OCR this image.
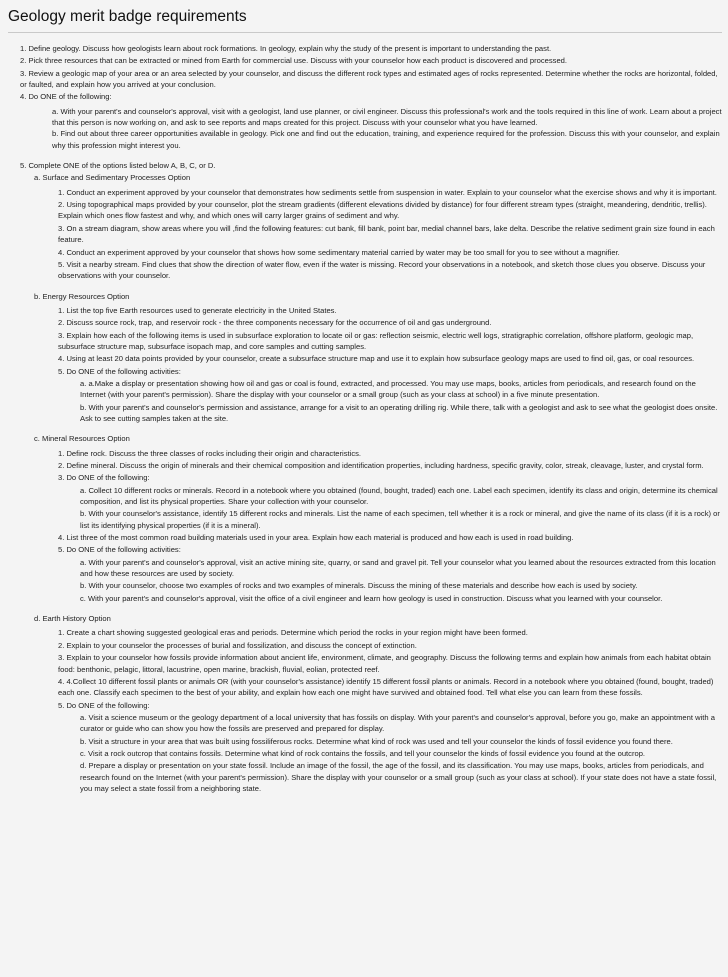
Geology merit badge requirements
1. Define geology. Discuss how geologists learn about rock formations. In geology, explain why the study of the present is important to understanding the past.
2. Pick three resources that can be extracted or mined from Earth for commercial use. Discuss with your counselor how each product is discovered and processed.
3. Review a geologic map of your area or an area selected by your counselor, and discuss the different rock types and estimated ages of rocks represented. Determine whether the rocks are horizontal, folded, or faulted, and explain how you arrived at your conclusion.
4. Do ONE of the following:
a. With your parent's and counselor's approval, visit with a geologist, land use planner, or civil engineer. Discuss this professional's work and the tools required in this line of work. Learn about a project that this person is now working on, and ask to see reports and maps created for this project. Discuss with your counselor what you have learned.
b. Find out about three career opportunities available in geology. Pick one and find out the education, training, and experience required for the profession. Discuss this with your counselor, and explain why this profession might interest you.
5. Complete ONE of the options listed below A, B, C, or D.
a. Surface and Sedimentary Processes Option

1. Conduct an experiment approved by your counselor that demonstrates how sediments settle from suspension in water. Explain to your counselor what the exercise shows and why it is important.

2. Using topographical maps provided by your counselor, plot the stream gradients (different elevations divided by distance) for four different stream types (straight, meandering, dendritic, trellis). Explain which ones flow fastest and why, and which ones will carry larger grains of sediment and why.

3. On a stream diagram, show areas where you will ,find the following features: cut bank, fill bank, point bar, medial channel bars, lake delta. Describe the relative sediment grain size found in each feature.

4. Conduct an experiment approved by your counselor that shows how some sedimentary material carried by water may be too small for you to see without a magnifier.

5. Visit a nearby stream. Find clues that show the direction of water flow, even if the water is missing. Record your observations in a notebook, and sketch those clues you observe. Discuss your observations with your counselor.

b. Energy Resources Option

1. List the top five Earth resources used to generate electricity in the United States.

2. Discuss source rock, trap, and reservoir rock - the three components necessary for the occurrence of oil and gas underground.

3. Explain how each of the following items is used in subsurface exploration to locate oil or gas: reflection seismic, electric well logs, stratigraphic correlation, offshore platform, geologic map, subsurface structure map, subsurface isopach map, and core samples and cutting samples.

4. Using at least 20 data points provided by your counselor, create a subsurface structure map and use it to explain how subsurface geology maps are used to find oil, gas, or coal resources.

5. Do ONE of the following activities:

a. a.Make a display or presentation showing how oil and gas or coal is found, extracted, and processed. You may use maps, books, articles from periodicals, and research found on the Internet (with your parent's permission). Share the display with your counselor or a small group (such as your class at school) in a five minute presentation.

b. With your parent's and counselor's permission and assistance, arrange for a visit to an operating drilling rig. While there, talk with a geologist and ask to see what the geologist does onsite. Ask to see cutting samples taken at the site.

c. Mineral Resources Option

1. Define rock. Discuss the three classes of rocks including their origin and characteristics.

2. Define mineral. Discuss the origin of minerals and their chemical composition and identification properties, including hardness, specific gravity, color, streak, cleavage, luster, and crystal form.

3. Do ONE of the following:

a. Collect 10 different rocks or minerals. Record in a notebook where you obtained (found, bought, traded) each one. Label each specimen, identify its class and origin, determine its chemical composition, and list its physical properties. Share your collection with your counselor.

b. With your counselor's assistance, identify 15 different rocks and minerals. List the name of each specimen, tell whether it is a rock or mineral, and give the name of its class (if it is a rock) or list its identifying physical properties (if it is a mineral).

4. List three of the most common road building materials used in your area. Explain how each material is produced and how each is used in road building.

5. Do ONE of the following activities:

a. With your parent's and counselor's approval, visit an active mining site, quarry, or sand and gravel pit. Tell your counselor what you learned about the resources extracted from this location and how these resources are used by society.

b. With your counselor, choose two examples of rocks and two examples of minerals. Discuss the mining of these materials and describe how each is used by society.

c. With your parent's and counselor's approval, visit the office of a civil engineer and learn how geology is used in construction. Discuss what you learned with your counselor.

d. Earth History Option

1. Create a chart showing suggested geological eras and periods. Determine which period the rocks in your region might have been formed.

2. Explain to your counselor the processes of burial and fossilization, and discuss the concept of extinction.

3. Explain to your counselor how fossils provide information about ancient life, environment, climate, and geography. Discuss the following terms and explain how animals from each habitat obtain food: benthonic, pelagic, littoral, lacustrine, open marine, brackish, fluvial, eolian, protected reef.

4. 4.Collect 10 different fossil plants or animals OR (with your counselor's assistance) identify 15 different fossil plants or animals. Record in a notebook where you obtained (found, bought, traded) each one. Classify each specimen to the best of your ability, and explain how each one might have survived and obtained food. Tell what else you can learn from these fossils.

5. Do ONE of the following:

a. Visit a science museum or the geology department of a local university that has fossils on display. With your parent's and counselor's approval, before you go, make an appointment with a curator or guide who can show you how the fossils are preserved and prepared for display.

b. Visit a structure in your area that was built using fossiliferous rocks. Determine what kind of rock was used and tell your counselor the kinds of fossil evidence you found there.

c. Visit a rock outcrop that contains fossils. Determine what kind of rock contains the fossils, and tell your counselor the kinds of fossil evidence you found at the outcrop.

d. Prepare a display or presentation on your state fossil. Include an image of the fossil, the age of the fossil, and its classification. You may use maps, books, articles from periodicals, and research found on the Internet (with your parent's permission). Share the display with your counselor or a small group (such as your class at school). If your state does not have a state fossil, you may select a state fossil from a neighboring state.
